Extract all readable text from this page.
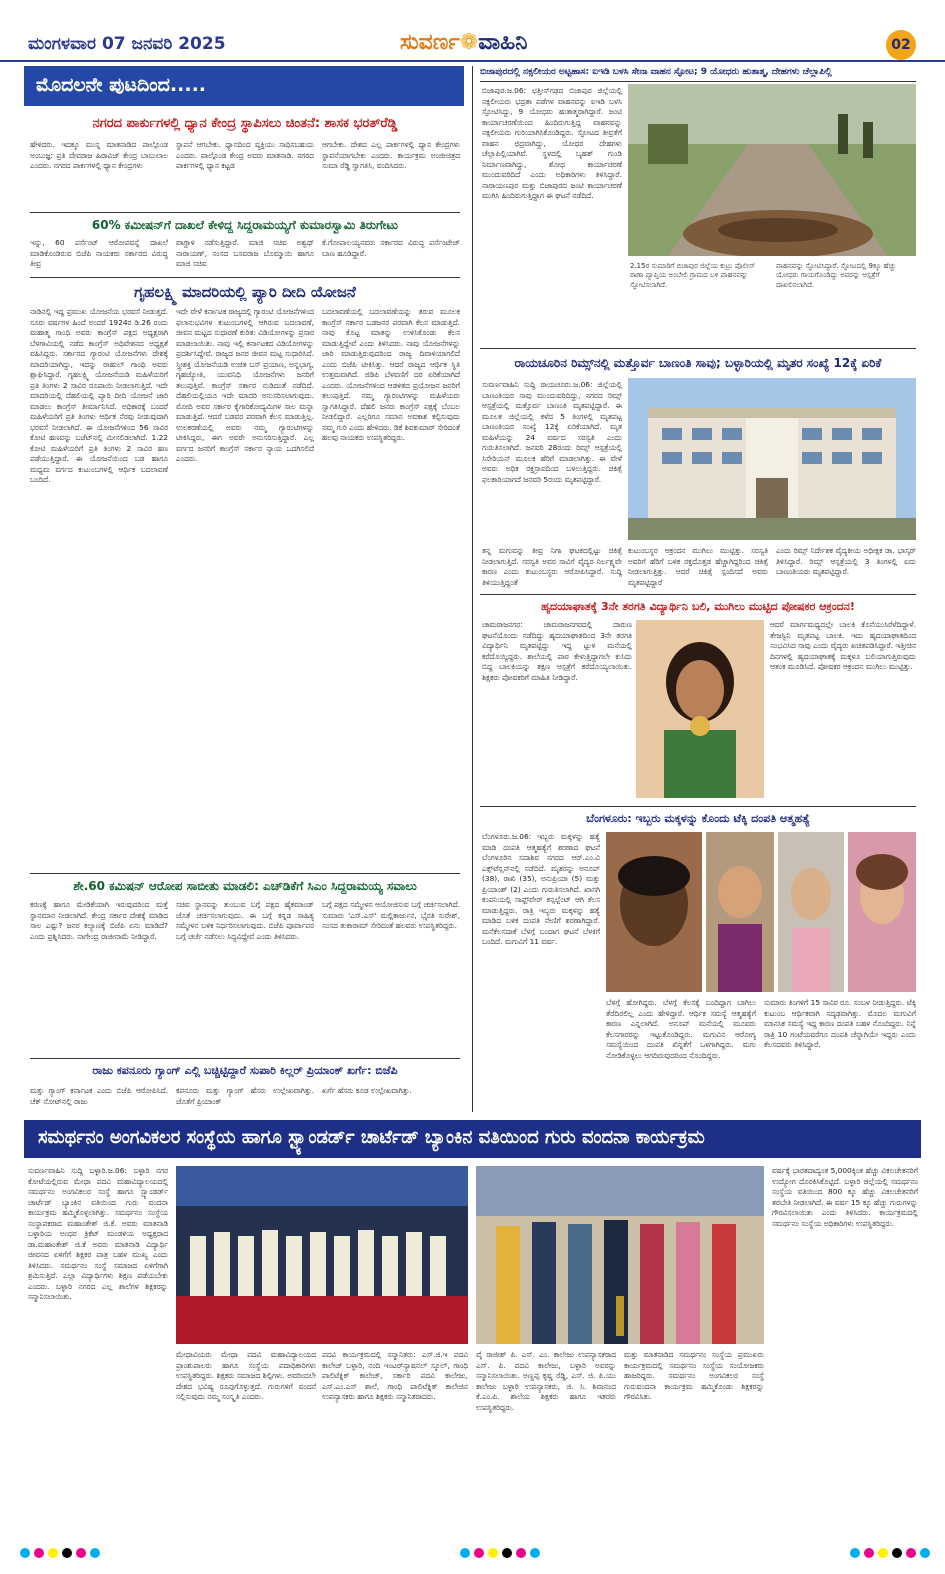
ಮಂಗಳವಾರ 07 ಜನವರಿ 2025	ಸುವರ್ಣ❁ವಾಹಿನಿ	02
ಮೊದಲನೇ ಪುಟದಿಂದ.....
ನಗರದ ಪಾರ್ಕುಗಳಲ್ಲಿ ಧ್ಯಾನ ಕೇಂದ್ರ ಸ್ಥಾಪಿಸಲು ಚಿಂತನೆ: ಶಾಸಕ ಭರತ್‌ರೆಡ್ಡಿ
ಹೇಳಿದರು. ಇದಕ್ಕೂ ಮುನ್ನ ಮಾತನಾಡಿದ ಪಾಲ್ಗೊಂಡ ಅಂಬುಜ್ಞ: ಪ್ರತಿ ದೇವರಾಜ ಹಿರಾವಿಜ್ ಕೇಂದ್ರ ಬಾಬುಲಾಲ ಎಂದರು. ನಗರದ ಪಾರ್ಕಗಳಲ್ಲಿ ಧ್ಯಾನ ಕೇಂದ್ರಗಳು
ಸ್ಥಾಪನೆ ಆಗಬೇಕು. ಧ್ಯಾನದಿಂದ ವ್ಯಕ್ತಿಯು ಸಾಧಿಸಬಹುದು ಎಂದರು. ಪಾಲ್ಗೊಂಡ ಕೇಂದ್ರ ಅವರು ಮಾತನಾಡಿ. ನಗರದ ಪಾರ್ಕಗಳಲ್ಲಿ ಧ್ಯಾನ ಕಟ್ಟಡ
ಆಗಬೇಕು. ದೇಶದ ಎಲ್ಲ ಪಾರ್ಕಗಳಲ್ಲಿ ಧ್ಯಾನ ಕೇಂದ್ರಗಳು ಸ್ಥಾಪನೆಯಾಗಬೇಕು ಎಂದರು. ಕಾರ್ಯಕ್ರಮ ಅಂಜೀಜಿತ್ರದ ಸುಮಾ ರೆಡ್ಡಿ ಸ್ವಾಗತಿಸಿ, ವಂದಿಸಿದರು.
60% ಕಮೀಷನ್‌ಗೆ ದಾಖಲೆ ಕೇಳಿದ್ದ ಸಿದ್ದರಾಮಯ್ಯಗೆ ಕುಮಾರಸ್ವಾಮಿ ತಿರುಗೇಟು
ಇನ್ನು, 60 ಪರ್ಸೆಂಟ್ ಆರೋಪವನ್ನೆ ದಾಖಲೆ ಮಾಡಿಕೊಂಡಿರುವ ಬಿಜೆಪಿ ನಾಯಕರು ಸರ್ಕಾರದ ವಿರುದ್ಧ ತೀವ್ರ
ವಾಗ್ದಾಳಿ ನಡೆಸುತ್ತಿದ್ದಾರೆ. ಮಾಜಿ ಸಚಿವ ಅಶ್ವಥ್ ನಾರಾಯಣ್, ಸಂಸದ ಬಸವರಾಜ ಬೊಮ್ಮಾಯಿ ಹಾಗೂ ಮಾಜಿ ಸಚಿವ
ಕೆ.ಗೋಪಾಲಯ್ಯನವರು ಸರ್ಕಾರದ ವಿರುದ್ಧ ಪರ್ಸೆಂಟೇಜ್ ಬಾಣ ಹೂಡಿದ್ದಾರೆ.
ಗೃಹಲಕ್ಷ್ಮಿ ಮಾದರಿಯಲ್ಲಿ ಪ್ಯಾರಿ ದೀದಿ ಯೋಜನೆ
ನಾಡಿನಲ್ಲಿ ಇದ್ದ ಪ್ರಮುಖ ಯೋಜನೆಯ ಭರವಸೆ ನೀಡುತ್ತದೆ. ಸೂರು ವರ್ಷಗಳ ಹಿಂದೆ ಅಂದರೆ 1924ರ ಡಿ.26 ರಂದು ಮಹಾತ್ಮ ಗಾಂಧಿ ಅವರು ಕಾಂಗ್ರೆಸ್ ಪಕ್ಷದ ಅಧ್ಯಕ್ಷರಾಗಿ ಬೆಳಗಾವಿಯಲ್ಲಿ ನಡೆದ ಕಾಂಗ್ರೆಸ್ ಅಧಿವೇಶನದ ಅಧ್ಯಕ್ಷತೆ ವಹಿಸಿದ್ದರು. ಸರ್ಕಾರದ ಗ್ಯಾರಂಟಿ ಯೋಜನೆಗಳು ದೇಶಕ್ಕೆ ಮಾದರಿಯಾಗಿದ್ದು, ಇದನ್ನು ರಾಹುಲ್ ಗಾಂಧಿ ಅವರು ಶ್ಲಾಘಿಸಿದ್ದಾರೆ. ಗೃಹಲಕ್ಷ್ಮಿ ಯೋಜನೆಯಡಿ ಮಹಿಳೆಯರಿಗೆ ಪ್ರತಿ ತಿಂಗಳು 2 ಸಾವಿರ ರೂಪಾಯಿ ನೀಡಲಾಗುತ್ತಿದೆ. ಇದೇ ಮಾದರಿಯಲ್ಲಿ ದೆಹಲಿಯಲ್ಲಿ ಪ್ಯಾರಿ ದೀದಿ ಯೋಜನೆ ಜಾರಿ ಮಾಡಲು ಕಾಂಗ್ರೆಸ್ ತೀರ್ಮಾನಿಸಿದೆ. ಅಧಿಕಾರಕ್ಕೆ ಬಂದರೆ ಮಹಿಳೆಯರಿಗೆ ಪ್ರತಿ ತಿಂಗಳು ಆರ್ಥಿಕ ನೆರವು ನೀಡುವುದಾಗಿ ಭರವಸೆ ನೀಡಲಾಗಿದೆ. ಈ ಯೋಜನೆಗಳಿಂದ 56 ಸಾವಿರ ಕೋಟಿ ಹಣವನ್ನು ಬಜೆಟ್‌ನಲ್ಲಿ ಮೀಸಲಿಡಲಾಗಿದೆ. 1.22 ಕೋಟಿ ಮಹಿಳೆಯರಿಗೆ ಪ್ರತಿ ತಿಂಗಳು 2 ಸಾವಿರ ಹಣ ಪಡೆಯುತ್ತಿದ್ದಾರೆ. ಈ ಯೋಜನೆಯಿಂದ ಬಡ ಹಾಗೂ ಮಧ್ಯಮ ವರ್ಗದ ಕುಟುಂಬಗಳಲ್ಲಿ ಆರ್ಥಿಕ ಬದಲಾವಣೆ ಬಂದಿದೆ.
ಇದೇ ವೇಳೆ ಕರ್ನಾಟಕ ರಾಜ್ಯದಲ್ಲಿ ಗ್ಯಾರಂಟಿ ಯೋಜನೆಗಳಿಂದ ಫಲಾನುಭವಿಗಳ ಕುಟುಂಬಗಳಲ್ಲಿ ಆಗಿರುವ ಬದಲಾವಣೆ, ಜೀವನ ಮಟ್ಟದ ಸುಧಾರಣೆ ಕುರಿತು ವಿಡಿಯೋಗಳನ್ನು ಪ್ರಸಾರ ಮಾಡಲಾಯಿತು. ನಾವು ಇಲ್ಲಿ ಕರ್ನಾಟಕದ ವಿಡಿಯೋಗಳನ್ನು ಪ್ರದರ್ಶಿಸಿದ್ದೇವೆ. ರಾಜ್ಯದ ಜನರ ಜೀವನ ಮಟ್ಟ ಸುಧಾರಿಸಿದೆ. ಸ್ತ್ರೀಶಕ್ತಿ ಯೋಜನೆಯಡಿ ಉಚಿತ ಬಸ್ ಪ್ರಯಾಣ, ಅನ್ನಭಾಗ್ಯ, ಗೃಹಜ್ಯೋತಿ, ಯುವನಿಧಿ ಯೋಜನೆಗಳು ಜನರಿಗೆ ತಲುಪುತ್ತಿವೆ. ಕಾಂಗ್ರೆಸ್ ಸರ್ಕಾರ ನುಡಿದಂತೆ ನಡೆದಿದೆ. ದೆಹಲಿಯಲ್ಲಿಯೂ ಇದೇ ಮಾದರಿ ಅನುಸರಿಸಲಾಗುವುದು. ಮೋದಿ ಅವರ ಸರ್ಕಾರ ಕೈಗಾರಿಕೋದ್ಯಮಿಗಳ ಸಾಲ ಮನ್ನಾ ಮಾಡುತ್ತಿದೆ. ಆದರೆ ಬಡವರ ಪರವಾಗಿ ಕೆಲಸ ಮಾಡುತ್ತಿಲ್ಲ. ಉಲಕರಣೆಯಲ್ಲಿ ಅವರು ನಮ್ಮ ಗ್ಯಾರಂಟಿಗಳನ್ನು ಟೀಕಿಸಿದ್ದರು, ಈಗ ಅವರೇ ಅನುಸರಿಸುತ್ತಿದ್ದಾರೆ. ಎಲ್ಲ ವರ್ಗದ ಜನರಿಗೆ ಕಾಂಗ್ರೆಸ್ ಸರ್ಕಾರ ನ್ಯಾಯ ಒದಗಿಸಲಿದೆ ಎಂದರು.
ಬದಲಾವಣೆಯಲ್ಲಿ ಬದಲಾವಣೆಯನ್ನು ತರುವ ಮೂಲಕ ಕಾಂಗ್ರೆಸ್ ಸರ್ಕಾರ ಬಡಜನರ ಪರವಾಗಿ ಕೆಲಸ ಮಾಡುತ್ತಿದೆ. ನಾವು ಕೊಟ್ಟ ಮಾತನ್ನು ಉಳಿಸಿಕೊಂಡು ಕೆಲಸ ಮಾಡುತ್ತಿದ್ದೇವೆ ಎಂದು ತಿಳಿಸಿದರು. ನಾವು ಯೋಜನೆಗಳನ್ನು ಜಾರಿ ಮಾಡುತ್ತಿರುವುದರಿಂದ ರಾಜ್ಯ ದಿವಾಳಿಯಾಗಲಿದೆ ಎಂದು ಬಿಜೆಪಿ ಟೀಕಿಸಿತ್ತು. ಆದರೆ ರಾಜ್ಯದ ಆರ್ಥಿಕ ಸ್ಥಿತಿ ಉತ್ತಮವಾಗಿದೆ. ಜಿಡಿಪಿ ಬೆಳವಣಿಗೆ ದರ ಏರಿಕೆಯಾಗಿದೆ ಎಂದರು. ಯೋಜನೆಗಳಿಂದ ಆಡಳಿತದ ಪ್ರಯೋಜನ ಜನರಿಗೆ ತಲುಪುತ್ತಿದೆ. ನಮ್ಮ ಗ್ಯಾರಂಟಿಗಳನ್ನು ಮಹಿಳೆಯರು ಸ್ವಾಗತಿಸಿದ್ದಾರೆ. ದೆಹಲಿ ಜನರು ಕಾಂಗ್ರೆಸ್ ಪಕ್ಷಕ್ಕೆ ಬೆಂಬಲ ನೀಡಲಿದ್ದಾರೆ. ಎಲ್ಲರಿಗೂ ಸಮಾನ ಅವಕಾಶ ಕಲ್ಪಿಸುವುದು ನಮ್ಮ ಗುರಿ ಎಂದು ಹೇಳಿದರು. ಡಿಕೆ ಶಿವಕುಮಾರ್ ಸೇರಿದಂತೆ ಹಲವು ನಾಯಕರು ಉಪಸ್ಥಿತರಿದ್ದರು.
ಶೇ.60 ಕಮಿಷನ್ ಆರೋಪ ಸಾಬೀತು ಮಾಡಲಿ: ಎಚ್‌ಡಿಕೆಗೆ ಸಿಎಂ ಸಿದ್ದರಾಮಯ್ಯ ಸವಾಲು
ಕರಣಕ್ಕೆ ಹಾಗೂ ಮೇಡಿಕೆಯಾಗಿ ಇರುವುದರಿಂದ ಮತ್ತೆ ಸ್ಥಾನಮಾನ ನೀಡಲಾಗಿದೆ. ಕೇಂದ್ರ ಸರ್ಕಾರ ದೇಶಕ್ಕೆ ಮಾಡಿದ ಸಾಲ ಎಷ್ಟು? ಜನರ ಕಲ್ಯಾಣಕ್ಕೆ ಬಿಜೆಪಿ ಏನು ಮಾಡಿದೆ? ಎಂದು ಪ್ರಶ್ನಿಸಿದರು. ನಾಗೇಂದ್ರ ರಾಜೀನಾಮೆ ನೀಡಿದ್ದಾರೆ.
ಸಚಿವ ಸ್ಥಾನವನ್ನು ತುಂಬುವ ಬಗ್ಗೆ ಪಕ್ಷದ ಹೈಕಮಾಂಡ್ ಜೊತೆ ಚರ್ಚಿಸಲಾಗುವುದು. ಈ ಬಗ್ಗೆ ಕನ್ನಡ ಸಾಹಿತ್ಯ ಸಮ್ಮೇಳನ ಬಳಿಕ ನಿರ್ಧರಿಸಲಾಗುವುದು. ಬಿಜೆಪಿ ಪೂರ್ವಾಪರ ಬಗ್ಗೆ ಚರ್ಚೆ ನಡೆಸಲು ಸಿದ್ಧವಿದ್ದೇವೆ ಎಂದು ತಿಳಿಸಿದರು.
ಬಗ್ಗೆ ಪಕ್ಷದ ಸಮ್ಮೇಳನ ಆಯೋಜಿಸುವ ಬಗ್ಗೆ ಚರ್ಚಿಸಲಾಗಿದೆ. ಸುಮಾರು 'ಎಸ್.ಎಸ್' ಮಲ್ಲಿಕಾರ್ಜುನ, ಭೈರತಿ ಸುರೇಶ್, ಸಂಸದ ತುಕಾರಾಮ್ ಸೇರಿದಂತೆ ಹಲವರು ಉಪಸ್ಥಿತರಿದ್ದರು.
ರಾಜು ಕಪನೂರು ಗ್ಯಾಂಗ್ ಎಲ್ಲಿ ಬಚ್ಚಿಟ್ಟಿದ್ದಾರೆ ಸುಪಾರಿ ಕಿಲ್ಲರ್ ಪ್ರಿಯಾಂಕ್ ಖರ್ಗೆ: ಬಿಜೆಪಿ
ಮತ್ತು ಗ್ಯಾಂಗ್ ಕರ್ನಾಟಕ ಎಂದು ಬಿಜೆಪಿ ಆರೋಪಿಸಿದೆ. ಚೆಕ್ ನೋಟ್‌ನಲ್ಲಿ ರಾಜು
ಕಪನೂರು ಮತ್ತು ಗ್ಯಾಂಗ್ ಹೆಸರು ಉಲ್ಲೇಖವಾಗಿತ್ತು. ಜೊತೆಗೆ ಪ್ರಿಯಾಂಕ್
ಖರ್ಗೆ ಹೆಸರು ಕೂಡ ಉಲ್ಲೇಖವಾಗಿತ್ತು.
ಬಿಜಾಪುರದಲ್ಲಿ ನಕ್ಸಲೀಯರ ಅಟ್ಟಹಾಸ: ಐಇಡಿ ಬಳಸಿ ಸೇನಾ ವಾಹನ ಸ್ಫೋಟ; 9 ಯೋಧರು ಹುತಾತ್ಮ, ದೇಹಗಳು ಚೆಲ್ಲಾಪಿಲ್ಲಿ
ಬಿಜಾಪುರ.ಜ.06: ಛತ್ತೀಸ್‌ಗಢದ ಬಿಜಾಪುರ ಜಿಲ್ಲೆಯಲ್ಲಿ ನಕ್ಸಲೀಯರು ಭದ್ರತಾ ಪಡೆಗಳ ವಾಹನವನ್ನು ಐಇಡಿ ಬಳಸಿ ಸ್ಫೋಟಿಸಿದ್ದು, 9 ಯೋಧರು ಹುತಾತ್ಮರಾಗಿದ್ದಾರೆ. ಜಂಟಿ ಕಾರ್ಯಾಚರಣೆಯಿಂದ ಹಿಂದಿರುಗುತ್ತಿದ್ದ ವಾಹನವನ್ನು ನಕ್ಸಲೀಯರು ಗುರಿಯಾಗಿಸಿಕೊಂಡಿದ್ದರು. ಸ್ಫೋಟದ ತೀವ್ರತೆಗೆ ವಾಹನ ಛಿದ್ರವಾಗಿದ್ದು, ಯೋಧರ ದೇಹಗಳು ಚೆಲ್ಲಾಪಿಲ್ಲಿಯಾಗಿವೆ. ಸ್ಥಳದಲ್ಲಿ ಬೃಹತ್ ಗುಂಡಿ ನಿರ್ಮಾಣವಾಗಿದ್ದು, ಶೋಧ ಕಾರ್ಯಾಚರಣೆ ಮುಂದುವರಿದಿದೆ ಎಂದು ಅಧಿಕಾರಿಗಳು ತಿಳಿಸಿದ್ದಾರೆ. ನಾರಾಯಣಪುರ ಮತ್ತು ಬಿಜಾಪುರದ ಜಂಟಿ ಕಾರ್ಯಾಚರಣೆ ಮುಗಿಸಿ ಹಿಂದಿರುಗುತ್ತಿದ್ದಾಗ ಈ ಘಟನೆ ನಡೆದಿದೆ.
2.15ರ ಸುಮಾರಿಗೆ ಬಿಜಾಪುರ ಜಿಲ್ಲೆಯ ಕುಟ್ರು ಪೊಲೀಸ್ ಠಾಣಾ ವ್ಯಾಪ್ತಿಯ ಅಂಬೇಲಿ ಗ್ರಾಮದ ಬಳಿ ವಾಹನವನ್ನು ಸ್ಫೋಟಿಸಲಾಗಿದೆ.
ವಾಹನವನ್ನು ಸ್ಫೋಟಿಸಿದ್ದಾರೆ. ಸ್ಫೋಟದಲ್ಲಿ 9ಕ್ಕೂ ಹೆಚ್ಚು ಯೋಧರು ಗಾಯಗೊಂಡಿದ್ದು ಅವರನ್ನು ಆಸ್ಪತ್ರೆಗೆ ದಾಖಲಿಸಲಾಗಿದೆ.
ರಾಯಚೂರಿನ ರಿಮ್ಸ್‌ನಲ್ಲಿ ಮತ್ತೊರ್ವ ಬಾಣಂತಿ ಸಾವು; ಬಳ್ಳಾರಿಯಲ್ಲಿ ಮೃತರ ಸಂಖ್ಯೆ 12ಕ್ಕೆ ಏರಿಕೆ
ಸುವರ್ಣವಾಹಿನಿ ಸುದ್ದಿ ರಾಯಚೂರು.ಜ.06: ಜಿಲ್ಲೆಯಲ್ಲಿ ಬಾಣಂತಿಯರ ಸಾವು ಮುಂದುವರಿದಿದ್ದು, ನಗರದ ರಿಮ್ಸ್ ಆಸ್ಪತ್ರೆಯಲ್ಲಿ ಮತ್ತೊರ್ವ ಬಾಣಂತಿ ಮೃತಪಟ್ಟಿದ್ದಾರೆ. ಈ ಮೂಲಕ ಜಿಲ್ಲೆಯಲ್ಲಿ ಕಳೆದ 5 ತಿಂಗಳಲ್ಲಿ ಮೃತಪಟ್ಟ ಬಾಣಂತಿಯರ ಸಂಖ್ಯೆ 12ಕ್ಕೆ ಏರಿಕೆಯಾಗಿದೆ. ಮೃತ ಮಹಿಳೆಯನ್ನು 24 ವರ್ಷದ ಸರಸ್ವತಿ ಎಂದು ಗುರುತಿಸಲಾಗಿದೆ. ಜನವರಿ 28ರಂದು ರಿಮ್ಸ್ ಆಸ್ಪತ್ರೆಯಲ್ಲಿ ಸಿಸೇರಿಯನ್ ಮೂಲಕ ಹೆರಿಗೆ ಮಾಡಲಾಗಿತ್ತು. ಈ ವೇಳೆ ಅವರು ಅಧಿಕ ರಕ್ತಸ್ರಾವದಿಂದ ಬಳಲುತ್ತಿದ್ದರು. ಚಿಕಿತ್ಸೆ ಫಲಕಾರಿಯಾಗದೆ ಜನವರಿ 5ರಂದು ಮೃತಪಟ್ಟಿದ್ದಾರೆ.
ತನ್ನ ಮಗುವನ್ನು ತೀವ್ರ ನಿಗಾ ಘಟಕದಲ್ಲಿಟ್ಟು ಚಿಕಿತ್ಸೆ ನೀಡಲಾಗುತ್ತಿದೆ. ಸರಸ್ವತಿ ಅವರ ಸಾವಿಗೆ ವೈದ್ಯರ ನಿರ್ಲಕ್ಷ್ಯವೇ ಕಾರಣ ಎಂದು ಕುಟುಂಬಸ್ಥರು ಆರೋಪಿಸಿದ್ದಾರೆ. ಸುದ್ದಿ ತಿಳಿಯುತ್ತಿದ್ದಂತೆ
ಕುಟುಂಬಸ್ಥರ ಆಕ್ರಂದನ ಮುಗಿಲು ಮುಟ್ಟಿತ್ತು. ಸರಸ್ವತಿ ಅವರಿಗೆ ಹೆರಿಗೆ ಬಳಿಕ ರಕ್ತದೊತ್ತಡ ಹೆಚ್ಚಾಗಿದ್ದರಿಂದ ಚಿಕಿತ್ಸೆ ನೀಡಲಾಗುತ್ತಿತ್ತು. ಆದರೆ ಚಿಕಿತ್ಸೆ ಸ್ಪಂದಿಸದೆ ಅವರು ಮೃತಪಟ್ಟಿದ್ದಾರೆ
ಎಂದು ರಿಮ್ಸ್ ನಿರ್ದೇಶಕ ವೈದ್ಯಕೀಯ ಅಧೀಕ್ಷಕ ಡಾ. ಭಾಸ್ಕರ್ ತಿಳಿಸಿದ್ದಾರೆ. ರಿಮ್ಸ್ ಆಸ್ಪತ್ರೆಯಲ್ಲಿ 3 ತಿಂಗಳಲ್ಲಿ ಐದು ಬಾಣಂತಿಯರು ಮೃತಪಟ್ಟಿದ್ದಾರೆ.
ಹೃದಯಾಘಾತಕ್ಕೆ 3ನೇ ತರಗತಿ ವಿದ್ಯಾರ್ಥಿನಿ ಬಲಿ, ಮುಗಿಲು ಮುಟ್ಟಿದ ಪೋಷಕರ ಆಕ್ರಂದನ!
ಚಾಮರಾಜನಗರ: ಚಾಮರಾಜನಗರದಲ್ಲಿ ದಾರುಣ ಘಟನೆಯೊಂದು ನಡೆದಿದ್ದು ಹೃದಯಾಘಾತದಿಂದ 3ನೇ ತರಗತಿ ವಿದ್ಯಾರ್ಥಿನಿ ಮೃತಪಟ್ಟಿದ್ದು ಇದ್ದ ಟ್ಟುಳಿ ಮನೆಯಲ್ಲಿ ಕರೆದೊಯ್ದಿದ್ದರು. ಶಾಲೆಯಲ್ಲಿ ಪಾಠ ಕೇಳುತ್ತಿದ್ದಾಗಲೇ ಕುಸಿದು ಬಿದ್ದ ಬಾಲಕಿಯನ್ನು ತಕ್ಷಣ ಆಸ್ಪತ್ರೆಗೆ ಕರೆದೊಯ್ಯಲಾಯಿತು. ಶಿಕ್ಷಕರು ಪೋಷಕರಿಗೆ ಮಾಹಿತಿ ನೀಡಿದ್ದಾರೆ.
ಆದರೆ ಮಾರ್ಗಮಧ್ಯದಲ್ಲೇ ಬಾಲಕಿ ಕೊನೆಯುಸಿರೆಳೆದಿದ್ದಾಳೆ. ತೇಜಸ್ವಿನಿ ಮೃತಪಟ್ಟ ಬಾಲಕಿ. ಇದು ಹೃದಯಾಘಾತದಿಂದ ಸಂಭವಿಸಿದ ಸಾವು ಎಂದು ವೈದ್ಯರು ಖಚಿತಪಡಿಸಿದ್ದಾರೆ. ಇತ್ತೀಚಿನ ದಿನಗಳಲ್ಲಿ ಹೃದಯಾಘಾತಕ್ಕೆ ಮಕ್ಕಳೂ ಬಲಿಯಾಗುತ್ತಿರುವುದು ಆತಂಕ ಮೂಡಿಸಿದೆ. ಪೋಷಕರ ಆಕ್ರಂದನ ಮುಗಿಲು ಮುಟ್ಟಿತ್ತು.
ಬೆಂಗಳೂರು: ಇಬ್ಬರು ಮಕ್ಕಳನ್ನು ಕೊಂದು ಟೆಕ್ಕಿ ದಂಪತಿ ಆತ್ಮಹತ್ಯೆ
ಬೆಂಗಳೂರು.ಜ.06: ಇಬ್ಬರು ಮಕ್ಕಳನ್ನು ಹತ್ಯೆ ಮಾಡಿ ದಂಪತಿ ಆತ್ಮಹತ್ಯೆಗೆ ಶರಣಾದ ಘಟನೆ ಬೆಂಗಳೂರಿನ ಸದಾಶಿವ ನಗರದ ಆರ್.ಎಂ.ವಿ ಎಕ್ಸ್‌ಟೆನ್ಷನ್‌ನಲ್ಲಿ ನಡೆದಿದೆ. ಮೃತರನ್ನು ಅನೂಪ್ (38), ರಾಖಿ (35), ಅನುಪ್ರಿಯಾ (5) ಮತ್ತು ಪ್ರಿಯಾಂಶ್ (2) ಎಂದು ಗುರುತಿಸಲಾಗಿದೆ. ಖಾಸಗಿ ಕಂಪನಿಯಲ್ಲಿ ಸಾಫ್ಟ್‌ವೇರ್ ಕನ್ಸಲ್ಟೆಂಟ್ ಆಗಿ ಕೆಲಸ ಮಾಡುತ್ತಿದ್ದರು. ರಾತ್ರಿ ಇಬ್ಬರು ಮಕ್ಕಳನ್ನು ಹತ್ಯೆ ಮಾಡಿದ ಬಳಿಕ ದಂಪತಿ ನೇಣಿಗೆ ಶರಣಾಗಿದ್ದಾರೆ. ಮನೆಕೆಲಸದಾಕೆ ಬೆಳಗ್ಗೆ ಬಂದಾಗ ಘಟನೆ ಬೆಳಕಿಗೆ ಬಂದಿದೆ. ಮಗುವಿಗೆ 11 ವರ್ಷ.
ಬೆಳಿಗ್ಗೆ ಹೋಗಿದ್ದರು. ಬೆಳಗ್ಗೆ ಕೆಲಸಕ್ಕೆ ಬಂದಿದ್ದಾಗ ಬಾಗಿಲು ತೆರೆದಿರಲಿಲ್ಲ ಎಂದು ಹೇಳಿದ್ದಾರೆ. ಆರ್ಥಿಕ ಸಮಸ್ಯೆ ಆತ್ಮಹತ್ಯೆಗೆ ಕಾರಣ ಎನ್ನಲಾಗಿದೆ. ಅನೂಪ್ ಮನೆಯಲ್ಲಿ ಮೂವರು ಕೆಲಸಗಾರರನ್ನು ಇಟ್ಟುಕೊಂಡಿದ್ದರು. ಮಗುವಿನ ಆರೋಗ್ಯ ಸಮಸ್ಯೆಯಿಂದ ದಂಪತಿ ಖಿನ್ನತೆಗೆ ಒಳಗಾಗಿದ್ದರು. ಮಗು ನೋಡಿಕೊಳ್ಳಲು ಆಗದಿರುವುದರಿಂದ ನೊಂದಿದ್ದರು.
ಸುಮಾರು ತಿಂಗಳಿಗೆ 15 ಸಾವಿರ ರೂ. ಸಂಬಳ ನೀಡುತ್ತಿದ್ದರು. ಟೆಕ್ಕಿ ಕುಟುಂಬ ಆರ್ಥಿಕವಾಗಿ ಸದೃಢವಾಗಿತ್ತು. ಮೊದಲ ಮಗುವಿಗೆ ಮಾನಸಿಕ ಸಮಸ್ಯೆ ಇದ್ದ ಕಾರಣ ದಂಪತಿ ಬಹಳ ನೊಂದಿದ್ದರು. ನಿನ್ನೆ ರಾತ್ರಿ 10 ಗಂಟೆಯವರೆಗೂ ದಂಪತಿ ಚೆನ್ನಾಗಿಯೇ ಇದ್ದರು ಎಂದು ಕೆಲಸದವರು ತಿಳಿಸಿದ್ದಾರೆ.
ಸಮರ್ಥನಂ ಅಂಗವಿಕಲರ ಸಂಸ್ಥೆಯ ಹಾಗೂ ಸ್ಟ್ಯಾಂಡರ್ಡ್ ಚಾರ್ಟೆಡ್ ಬ್ಯಾಂಕಿನ ವತಿಯಿಂದ ಗುರು ವಂದನಾ ಕಾರ್ಯಕ್ರಮ
ಸುವರ್ಣವಾಹಿನಿ ಸುದ್ದಿ ಬಳ್ಳಾರಿ.ಜ.06: ಬಳ್ಳಾರಿ ನಗರ ಕೋಟೆಯಲ್ಲಿರುವ ಮೇಧಾ ಪದವಿ ಮಹಾವಿದ್ಯಾಲಯದಲ್ಲಿ ಸಮರ್ಥನಂ ಅಂಗವಿಕಲರ ಸಂಸ್ಥೆ ಹಾಗೂ ಸ್ಟ್ಯಾಂಡರ್ಡ್ ಚಾರ್ಟೆಡ್ ಬ್ಯಾಂಕಿನ ವತಿಯಿಂದ ಗುರು ವಂದನಾ ಕಾರ್ಯಕ್ರಮ ಹಮ್ಮಿಕೊಳ್ಳಲಾಗಿತ್ತು. ಸಮರ್ಥನಂ ಸಂಸ್ಥೆಯ ಸಂಸ್ಥಾಪಕರಾದ ಮಹಾಂತೇಶ್ ಜಿ.ಕೆ. ಅವರು ಮಾತನಾಡಿ ಬಳ್ಳಾರಿಯ ಅಂಧರ ಕ್ರಿಕೆಟ್ ಮಂಡಳಿಯ ಅಧ್ಯಕ್ಷರಾದ ಡಾ.ಮಹಾಂತೇಶ್ ಜಿ.ಕೆ ಅವರು ಮಾತನಾಡಿ ವಿದ್ಯಾರ್ಥಿ ಜೀವನದ ಏಳಿಗೆಗೆ ಶಿಕ್ಷಕರ ಪಾತ್ರ ಬಹಳ ಮುಖ್ಯ ಎಂದು ತಿಳಿಸಿದರು. ಸಮರ್ಥನಂ ಸಂಸ್ಥೆ ಸಮಾಜದ ಏಳಿಗೆಗಾಗಿ ಶ್ರಮಿಸುತ್ತಿದೆ. ಎಲ್ಲಾ ವಿದ್ಯಾರ್ಥಿಗಳು ಶಿಕ್ಷಣ ಪಡೆಯಬೇಕು ಎಂದರು. ಬಳ್ಳಾರಿ ನಗರದ ಎಲ್ಲ ಶಾಲೆಗಳ ಶಿಕ್ಷಕರನ್ನು ಸನ್ಮಾನಿಸಲಾಯಿತು.
ಮೇಧಾವಿಯರು ಮೇಧಾ ಪದವಿ ಮಹಾವಿದ್ಯಾಲಯದ ಪ್ರಾಂಶುಪಾಲರು ಹಾಗೂ ಸಂಸ್ಥೆಯ ಪದಾಧಿಕಾರಿಗಳು ಉಪಸ್ಥಿತರಿದ್ದರು. ಶಿಕ್ಷಕರು ಸಮಾಜದ ಶಿಲ್ಪಿಗಳು. ಅವರಿಂದಲೇ ದೇಶದ ಭವಿಷ್ಯ ರೂಪುಗೊಳ್ಳುತ್ತದೆ. ಗುರುಗಳಿಗೆ ವಂದನೆ ಸಲ್ಲಿಸುವುದು ನಮ್ಮ ಸಂಸ್ಕೃತಿ ಎಂದರು.
ಪದವಿ ಕಾರ್ಯಕ್ರಮದಲ್ಲಿ ಸನ್ಮಾನಿತರು: ಎಸ್.ಜಿ.ಇ ಪದವಿ ಕಾಲೇಜ್ ಬಳ್ಳಾರಿ, ನಂದಿ ಇಂಟರ್‌ನ್ಯಾಷನಲ್ ಸ್ಕೂಲ್, ಗಾಂಧಿ ಪಾಲಿಟೆಕ್ನಿಕ್ ಕಾಲೇಜ್, ಸರ್ಕಾರಿ ಪದವಿ ಕಾಲೇಜು, ಎಸ್.ಎಂ.ಎಸ್ ಶಾಲೆ, ಗಾಂಧಿ ಪಾಲಿಟೆಕ್ನಿಕ್ ಕಾಲೇಜಿನ ಉಪನ್ಯಾಸಕರು ಹಾಗೂ ಶಿಕ್ಷಕರು ಸನ್ಮಾನಿತರಾದರು.
ವೈ ರಾಜೀಶ್ ಪಿ. ಎಸ್. ಎಂ. ಕಾಲೇಜು ಉಪನ್ಯಾಸಕರಾದ ಎಸ್. ಪಿ. ಪದವಿ ಕಾಲೇಜು, ಬಳ್ಳಾರಿ ಅವರನ್ನು ಸನ್ಮಾನಿಸಲಾಯಿತು. ಅಣ್ಣಪ್ಪ ಕೃಷ್ಣ ರೆಡ್ಡಿ, ಎಸ್. ಜಿ. ಪಿ.ಯು ಕಾಲೇಜು ಬಳ್ಳಾರಿ ಉಪನ್ಯಾಸಕರು, ಜಿ. ಸಿ. ಶಿವಾನಂದ ಕೆ.ಎಂ.ಪಿ. ಶಾಲೆಯ ಶಿಕ್ಷಕರು ಹಾಗೂ ಇತರರು ಉಪಸ್ಥಿತರಿದ್ದರು.
ಮತ್ತು ಮಾತನಾಡಿದ ಸಮರ್ಥನಂ ಸಂಸ್ಥೆಯ ಪ್ರಮುಖರು ಕಾರ್ಯಕ್ರಮದಲ್ಲಿ ಸಮರ್ಥನಂ ಸಂಸ್ಥೆಯ ಸಂಯೋಜಕರು ಹಾಜರಿದ್ದರು. ಸಮರ್ಥನಂ ಅಂಗವಿಕಲರ ಸಂಸ್ಥೆ ಗುರುವಂದನಾ ಕಾರ್ಯಕ್ರಮ ಹಮ್ಮಿಕೊಂಡು ಶಿಕ್ಷಕರನ್ನು ಗೌರವಿಸಿತು.
ವರ್ಷಕ್ಕೆ ಭಾರತದಾದ್ಯಂತ 5,000ಕ್ಕಿಂತ ಹೆಚ್ಚು ವಿಕಲಚೇತನರಿಗೆ ಉದ್ಯೋಗ ದೊರಕಿಸಿಕೊಟ್ಟಿದೆ. ಬಳ್ಳಾರಿ ಜಿಲ್ಲೆಯಲ್ಲಿ ಸಮರ್ಥನಂ ಸಂಸ್ಥೆಯ ವತಿಯಿಂದ 800 ಕ್ಕೂ ಹೆಚ್ಚು ವಿಕಲಚೇತನರಿಗೆ ತರಬೇತಿ ನೀಡಲಾಗಿದೆ. ಈ ವರ್ಷ 15 ಕ್ಕೂ ಹೆಚ್ಚು ಗುರುಗಳನ್ನು ಗೌರವಿಸಲಾಯಿತು ಎಂದು ತಿಳಿಸಿದರು. ಕಾರ್ಯಕ್ರಮದಲ್ಲಿ ಸಮರ್ಥನಂ ಸಂಸ್ಥೆಯ ಅಧಿಕಾರಿಗಳು ಉಪಸ್ಥಿತರಿದ್ದರು.
